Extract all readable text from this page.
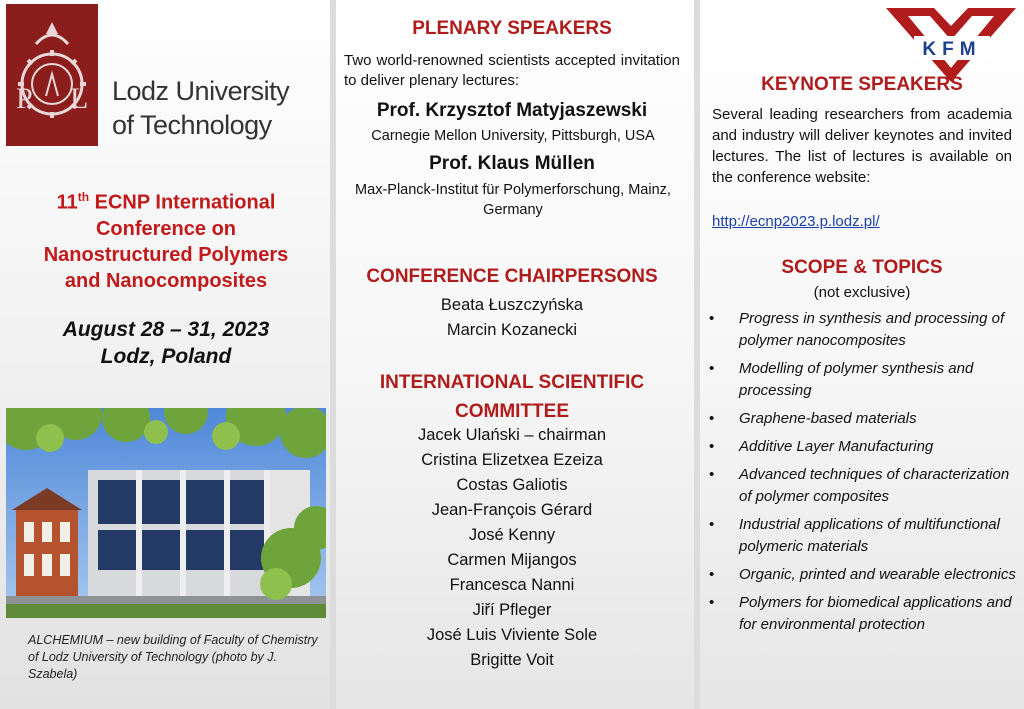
P L Lodz University
of Technology
11th ECNP International
Conference on
Nanostructured Polymers
and Nanocomposites
August 28 – 31, 2023
Lodz, Poland
ALCHEMIUM – new building of Faculty of Chemistry of Lodz University of Technology (photo by J. Szabela)
PLENARY SPEAKERS
Two world-renowned scientists accepted invitation to deliver plenary lectures:
Prof. Krzysztof Matyjaszewski
Carnegie Mellon University, Pittsburgh, USA
Prof. Klaus Müllen
Max-Planck-Institut für Polymerforschung, Mainz, Germany
CONFERENCE CHAIRPERSONS
Beata Łuszczyńska
Marcin Kozanecki
INTERNATIONAL SCIENTIFIC
COMMITTEE
Jacek Ulański – chairman
Cristina Elizetxea Ezeiza
Costas Galiotis
Jean-François Gérard
José Kenny
Carmen Mijangos
Francesca Nanni
Jiří Pfleger
José Luis Viviente Sole
Brigitte Voit
KFM
KEYNOTE SPEAKERS
Several leading researchers from academia and industry will deliver keynotes and invited lectures. The list of lectures is available on the conference website:
http://ecnp2023.p.lodz.pl/
SCOPE & TOPICS
(not exclusive)
• Progress in synthesis and processing of polymer nanocomposites
• Modelling of polymer synthesis and processing
• Graphene-based materials
• Additive Layer Manufacturing
• Advanced techniques of characterization of polymer composites
• Industrial applications of multifunctional polymeric materials
• Organic, printed and wearable electronics
• Polymers for biomedical applications and for environmental protection
